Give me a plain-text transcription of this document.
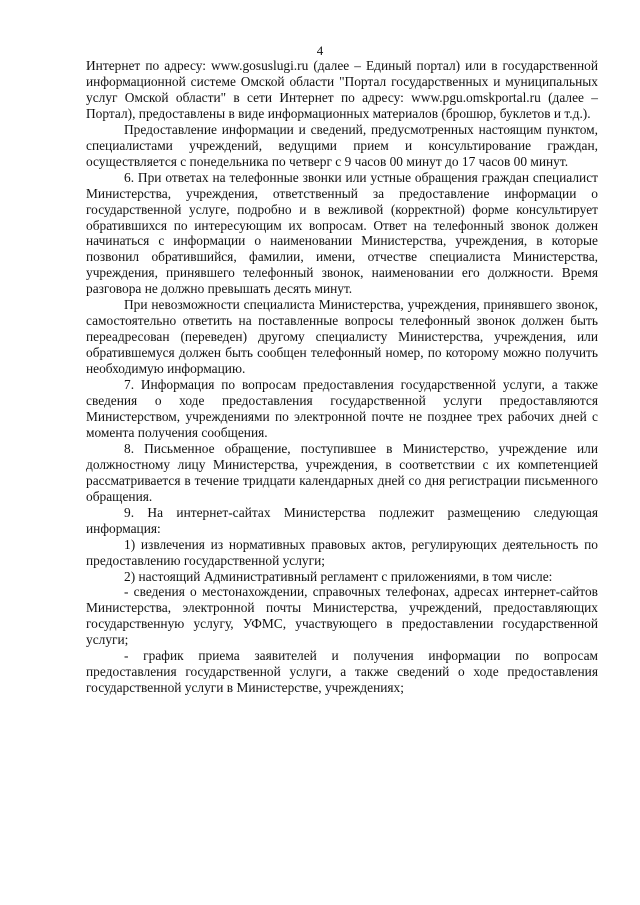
4

Интернет по адресу: www.gosuslugi.ru (далее – Единый портал) или в государственной информационной системе Омской области "Портал государственных и муниципальных услуг Омской области" в сети Интернет по адресу: www.pgu.omskportal.ru (далее – Портал), предоставлены в виде информационных материалов (брошюр, буклетов и т.д.).

Предоставление информации и сведений, предусмотренных настоящим пунктом, специалистами учреждений, ведущими прием и консультирование граждан, осуществляется с понедельника по четверг с 9 часов 00 минут до 17 часов 00 минут.

6. При ответах на телефонные звонки или устные обращения граждан специалист Министерства, учреждения, ответственный за предоставление информации о государственной услуге, подробно и в вежливой (корректной) форме консультирует обратившихся по интересующим их вопросам. Ответ на телефонный звонок должен начинаться с информации о наименовании Министерства, учреждения, в которые позвонил обратившийся, фамилии, имени, отчестве специалиста Министерства, учреждения, принявшего телефонный звонок, наименовании его должности. Время разговора не должно превышать десять минут.

При невозможности специалиста Министерства, учреждения, принявшего звонок, самостоятельно ответить на поставленные вопросы телефонный звонок должен быть переадресован (переведен) другому специалисту Министерства, учреждения, или обратившемуся должен быть сообщен телефонный номер, по которому можно получить необходимую информацию.

7. Информация по вопросам предоставления государственной услуги, а также сведения о ходе предоставления государственной услуги предоставляются Министерством, учреждениями по электронной почте не позднее трех рабочих дней с момента получения сообщения.

8. Письменное обращение, поступившее в Министерство, учреждение или должностному лицу Министерства, учреждения, в соответствии с их компетенцией рассматривается в течение тридцати календарных дней со дня регистрации письменного обращения.

9. На интернет-сайтах Министерства подлежит размещению следующая информация:

1) извлечения из нормативных правовых актов, регулирующих деятельность по предоставлению государственной услуги;

2) настоящий Административный регламент с приложениями, в том числе:

- сведения о местонахождении, справочных телефонах, адресах интернет-сайтов Министерства, электронной почты Министерства, учреждений, предоставляющих государственную услугу, УФМС, участвующего в предоставлении государственной услуги;

- график приема заявителей и получения информации по вопросам предоставления государственной услуги, а также сведений о ходе предоставления государственной услуги в Министерстве, учреждениях;
